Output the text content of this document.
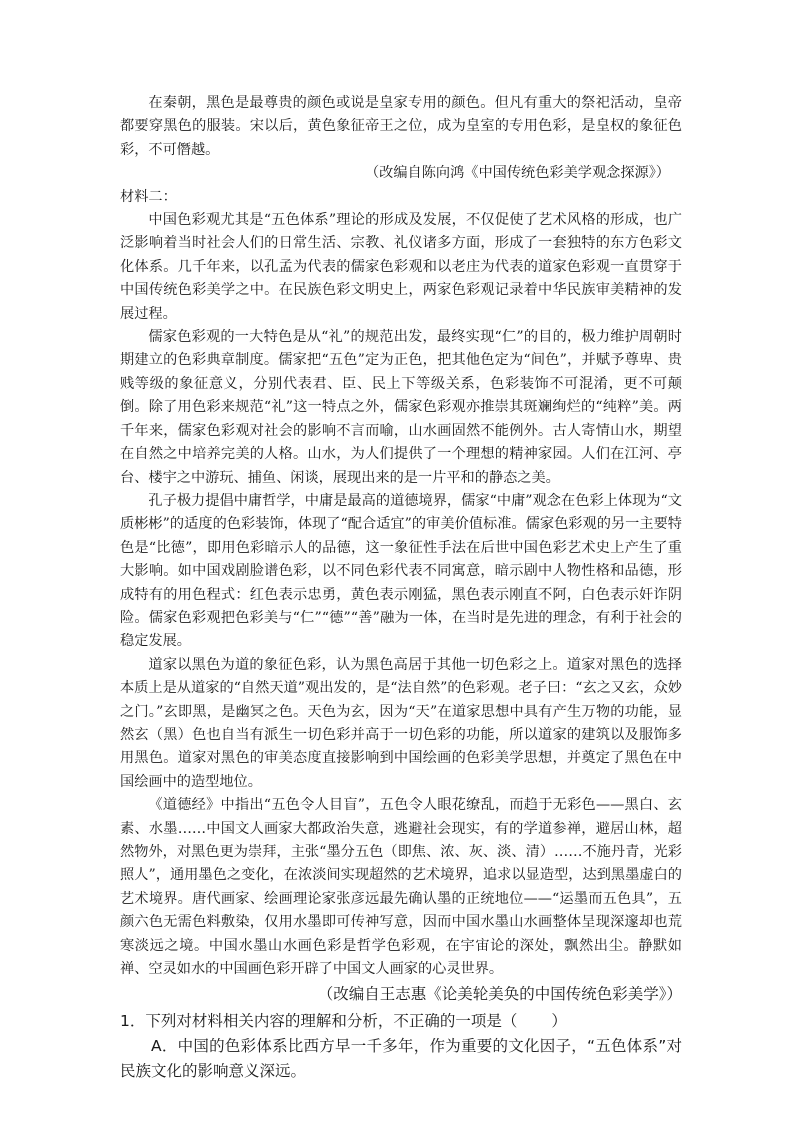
在秦朝，黑色是最尊贵的颜色或说是皇家专用的颜色。但凡有重大的祭祀活动，皇帝都要穿黑色的服装。宋以后，黄色象征帝王之位，成为皇室的专用色彩，是皇权的象征色彩，不可僭越。

（改编自陈向鸿《中国传统色彩美学观念探源》）

材料二：

中国色彩观尤其是“五色体系”理论的形成及发展，不仅促使了艺术风格的形成，也广泛影响着当时社会人们的日常生活、宗教、礼仪诸多方面，形成了一套独特的东方色彩文化体系。几千年来，以孔孟为代表的儒家色彩观和以老庄为代表的道家色彩观一直贯穿于中国传统色彩美学之中。在民族色彩文明史上，两家色彩观记录着中华民族审美精神的发展过程。

儒家色彩观的一大特色是从“礼”的规范出发，最终实现“仁”的目的，极力维护周朝时期建立的色彩典章制度。儒家把“五色”定为正色，把其他色定为“间色”，并赋予尊卑、贵贱等级的象征意义，分别代表君、臣、民上下等级关系，色彩装饰不可混淆，更不可颠倒。除了用色彩来规范“礼”这一特点之外，儒家色彩观亦推崇其斑斓绚烂的“纯粹”美。两千年来，儒家色彩观对社会的影响不言而喻，山水画固然不能例外。古人寄情山水，期望在自然之中培养完美的人格。山水，为人们提供了一个理想的精神家园。人们在江河、亭台、楼宇之中游玩、捕鱼、闲谈，展现出来的是一片平和的静态之美。

孔子极力提倡中庸哲学，中庸是最高的道德境界，儒家“中庸”观念在色彩上体现为“文质彬彬”的适度的色彩装饰，体现了“配合适宜”的审美价值标准。儒家色彩观的另一主要特色是“比德”，即用色彩暗示人的品德，这一象征性手法在后世中国色彩艺术史上产生了重大影响。如中国戏剧脸谱色彩，以不同色彩代表不同寓意，暗示剧中人物性格和品德，形成特有的用色程式：红色表示忠勇，黄色表示刚猛，黑色表示刚直不阿，白色表示奸诈阴险。儒家色彩观把色彩美与“仁”“德”“善”融为一体，在当时是先进的理念，有利于社会的稳定发展。

道家以黑色为道的象征色彩，认为黑色高居于其他一切色彩之上。道家对黑色的选择本质上是从道家的“自然天道”观出发的，是“法自然”的色彩观。老子曰：“玄之又玄，众妙之门。”玄即黑，是幽冥之色。天色为玄，因为“天”在道家思想中具有产生万物的功能，显然玄（黑）色也自当有派生一切色彩并高于一切色彩的功能，所以道家的建筑以及服饰多用黑色。道家对黑色的审美态度直接影响到中国绘画的色彩美学思想，并奠定了黑色在中国绘画中的造型地位。

《道德经》中指出“五色令人目盲”，五色令人眼花缭乱，而趋于无彩色——黑白、玄素、水墨……中国文人画家大都政治失意，逃避社会现实，有的学道参禅，避居山林，超然物外，对黑色更为崇拜，主张“墨分五色（即焦、浓、灰、淡、清）……不施丹青，光彩照人”，通用墨色之变化，在浓淡间实现超然的艺术境界，追求以显造型，达到黑墨虚白的艺术境界。唐代画家、绘画理论家张彦远最先确认墨的正统地位——“运墨而五色具”，五颜六色无需色料敷染，仅用水墨即可传神写意，因而中国水墨山水画整体呈现深邃却也荒寒淡远之境。中国水墨山水画色彩是哲学色彩观，在宇宙论的深处，飘然出尘。静默如禅、空灵如水的中国画色彩开辟了中国文人画家的心灵世界。

（改编自王志惠《论美轮美奂的中国传统色彩美学》）

1．下列对材料相关内容的理解和分析，不正确的一项是（ ）

A．中国的色彩体系比西方早一千多年，作为重要的文化因子，“五色体系”对民族文化的影响意义深远。
